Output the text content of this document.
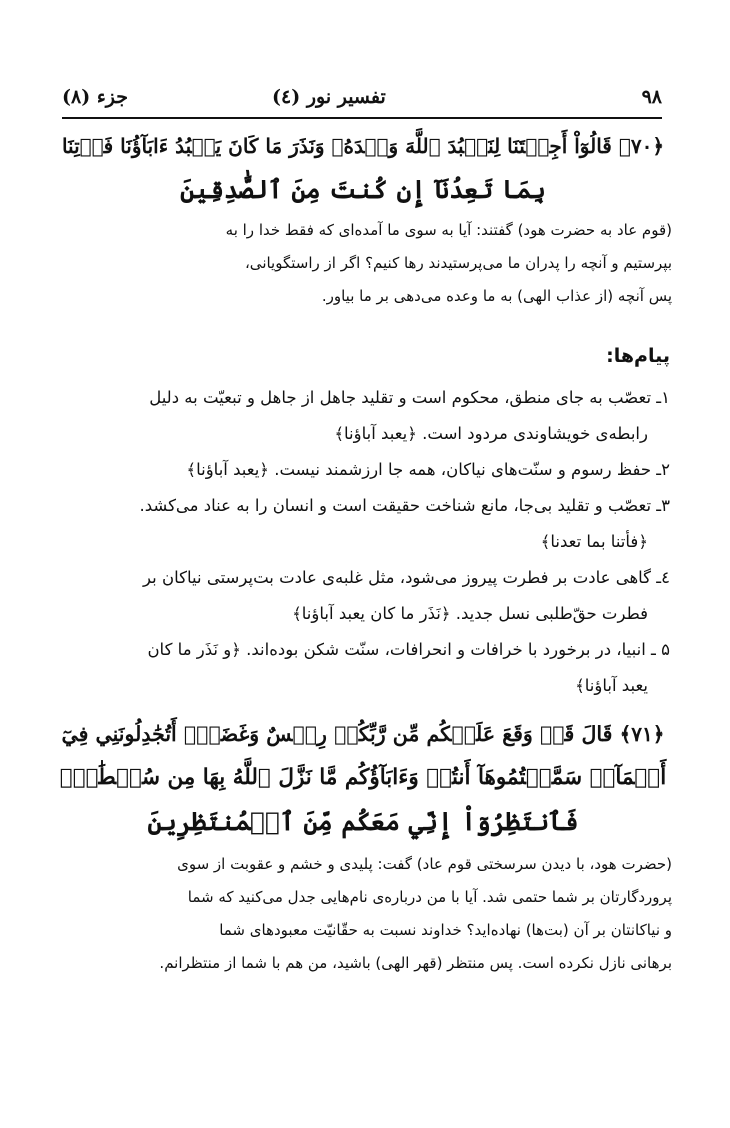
۹۸
تفسیر نور (٤)
جزء (۸)
﴿۷۰﴾ قَالُوٓاْ أَجِئۡتَنَا لِنَعۡبُدَ ٱللَّهَ وَحۡدَهُۥ وَنَذَرَ مَا كَانَ يَعۡبُدُ ءَابَآؤُنَا فَأۡتِنَا
بِمَا تَعِدُنَآ إِن كُنتَ مِنَ ٱلصَّٰدِقِينَ
(قوم عاد به حضرت هود) گفتند: آیا به سوی ما آمده‌ای که فقط خدا را به
بپرستیم و آنچه را پدران ما می‌پرستیدند رها کنیم؟ اگر از راستگویانی،
پس آنچه (از عذاب الهی) به ما وعده می‌دهی بر ما بیاور.
پیام‌ها:
۱ـ تعصّب به جای منطق، محکوم است و تقلید جاهل از جاهل و تبعیّت به دلیل
رابطه‌ی خویشاوندی مردود است. ﴿یعبد آباؤنا﴾
۲ـ حفظ رسوم و سنّت‌های نیاکان، همه جا ارزشمند نیست. ﴿یعبد آباؤنا﴾
۳ـ تعصّب و تقلید بی‌جا، مانع شناخت حقیقت است و انسان را به عناد می‌کشد.
﴿فأتنا بما تعدنا﴾
٤ـ گاهی عادت بر فطرت پیروز می‌شود، مثل غلبه‌ی عادت بت‌پرستی نیاکان بر
فطرت حقّ‌طلبی نسل جدید. ﴿نَذَر ما کان یعبد آباؤنا﴾
۵ ـ انبیا، در برخورد با خرافات و انحرافات، سنّت شکن بوده‌اند. ﴿و نَذَر ما کان
یعبد آباؤنا﴾
﴿۷۱﴾ قَالَ قَدۡ وَقَعَ عَلَيۡكُم مِّن رَّبِّكُمۡ رِجۡسٌ وَغَضَبٌۖ أَتُجَٰدِلُونَنِي فِيٓ
أَسۡمَآءٖ سَمَّيۡتُمُوهَآ أَنتُمۡ وَءَابَآؤُكُم مَّا نَزَّلَ ٱللَّهُ بِهَا مِن سُلۡطَٰنٖۚ
فَٱنتَظِرُوٓاْ إِنِّي مَعَكُم مِّنَ ٱلۡمُنتَظِرِينَ
(حضرت هود، با دیدن سرسختی قوم عاد) گفت: پلیدی و خشم و عقوبت از سوی
پروردگارتان بر شما حتمی شد. آیا با من درباره‌ی نام‌هایی جدل می‌کنید که شما
و نیاکانتان بر آن (بت‌ها) نهاده‌اید؟ خداوند نسبت به حقّانیّت معبودهای شما
برهانی نازل نکرده است. پس منتظر (قهر الهی) باشید، من هم با شما از منتظرانم.
